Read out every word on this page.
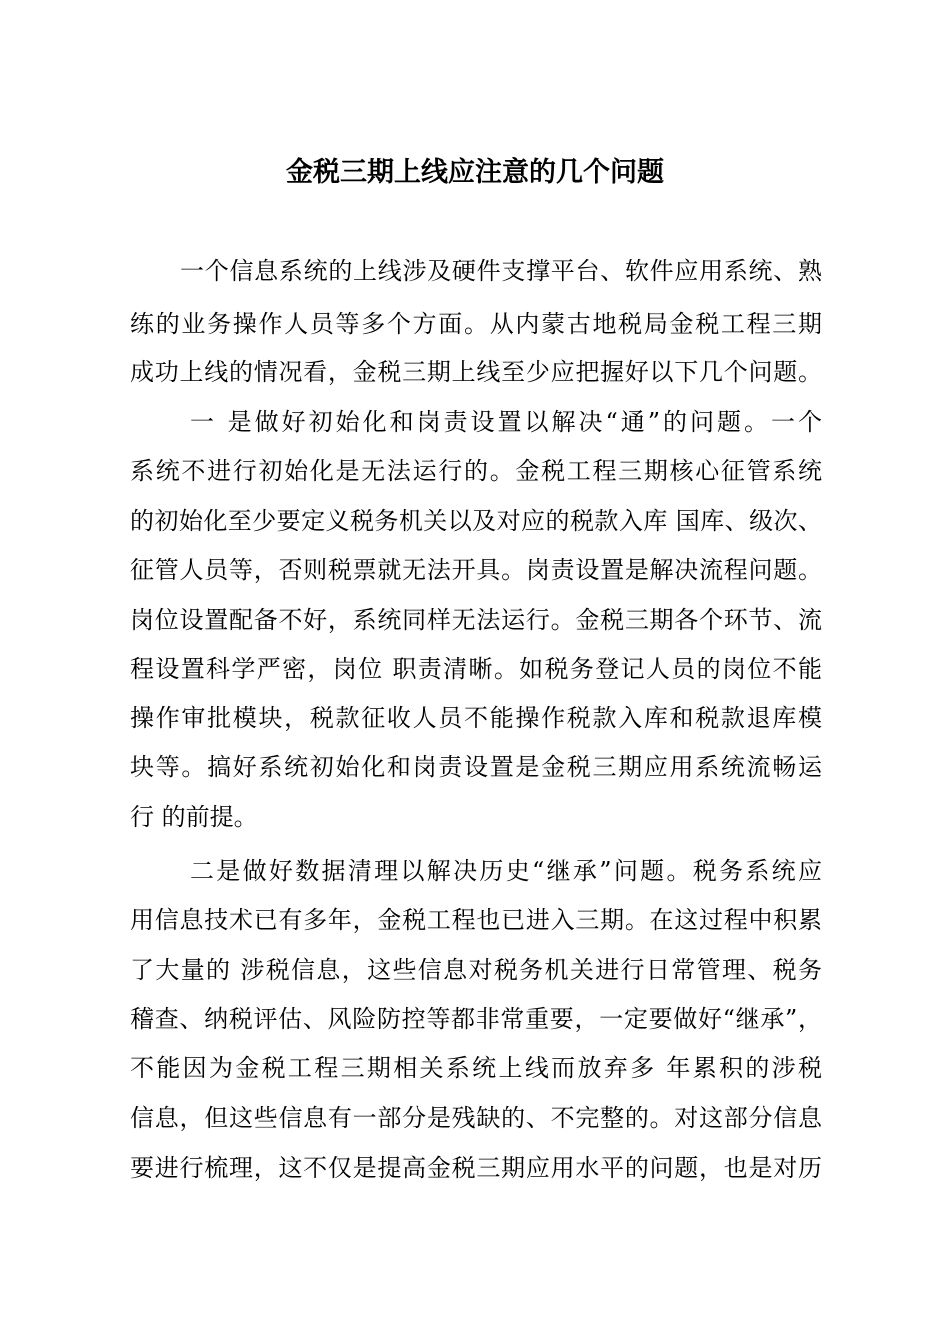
金税三期上线应注意的几个问题

一个信息系统的上线涉及硬件支撑平台、软件应用系统、熟

练的业务操作人员等多个方面。从内蒙古地税局金税工程三期

成功上线的情况看，金税三期上线至少应把握好以下几个问题。

一 是做好初始化和岗责设置以解决“通”的问题。一个

系统不进行初始化是无法运行的。金税工程三期核心征管系统

的初始化至少要定义税务机关以及对应的税款入库 国库、级次、

征管人员等，否则税票就无法开具。岗责设置是解决流程问题。

岗位设置配备不好，系统同样无法运行。金税三期各个环节、流

程设置科学严密，岗位 职责清晰。如税务登记人员的岗位不能

操作审批模块，税款征收人员不能操作税款入库和税款退库模

块等。搞好系统初始化和岗责设置是金税三期应用系统流畅运

行 的前提。

二是做好数据清理以解决历史“继承”问题。税务系统应

用信息技术已有多年，金税工程也已进入三期。在这过程中积累

了大量的 涉税信息，这些信息对税务机关进行日常管理、税务

稽查、纳税评估、风险防控等都非常重要，一定要做好“继承”，

不能因为金税工程三期相关系统上线而放弃多 年累积的涉税

信息，但这些信息有一部分是残缺的、不完整的。对这部分信息

要进行梳理，这不仅是提高金税三期应用水平的问题，也是对历
